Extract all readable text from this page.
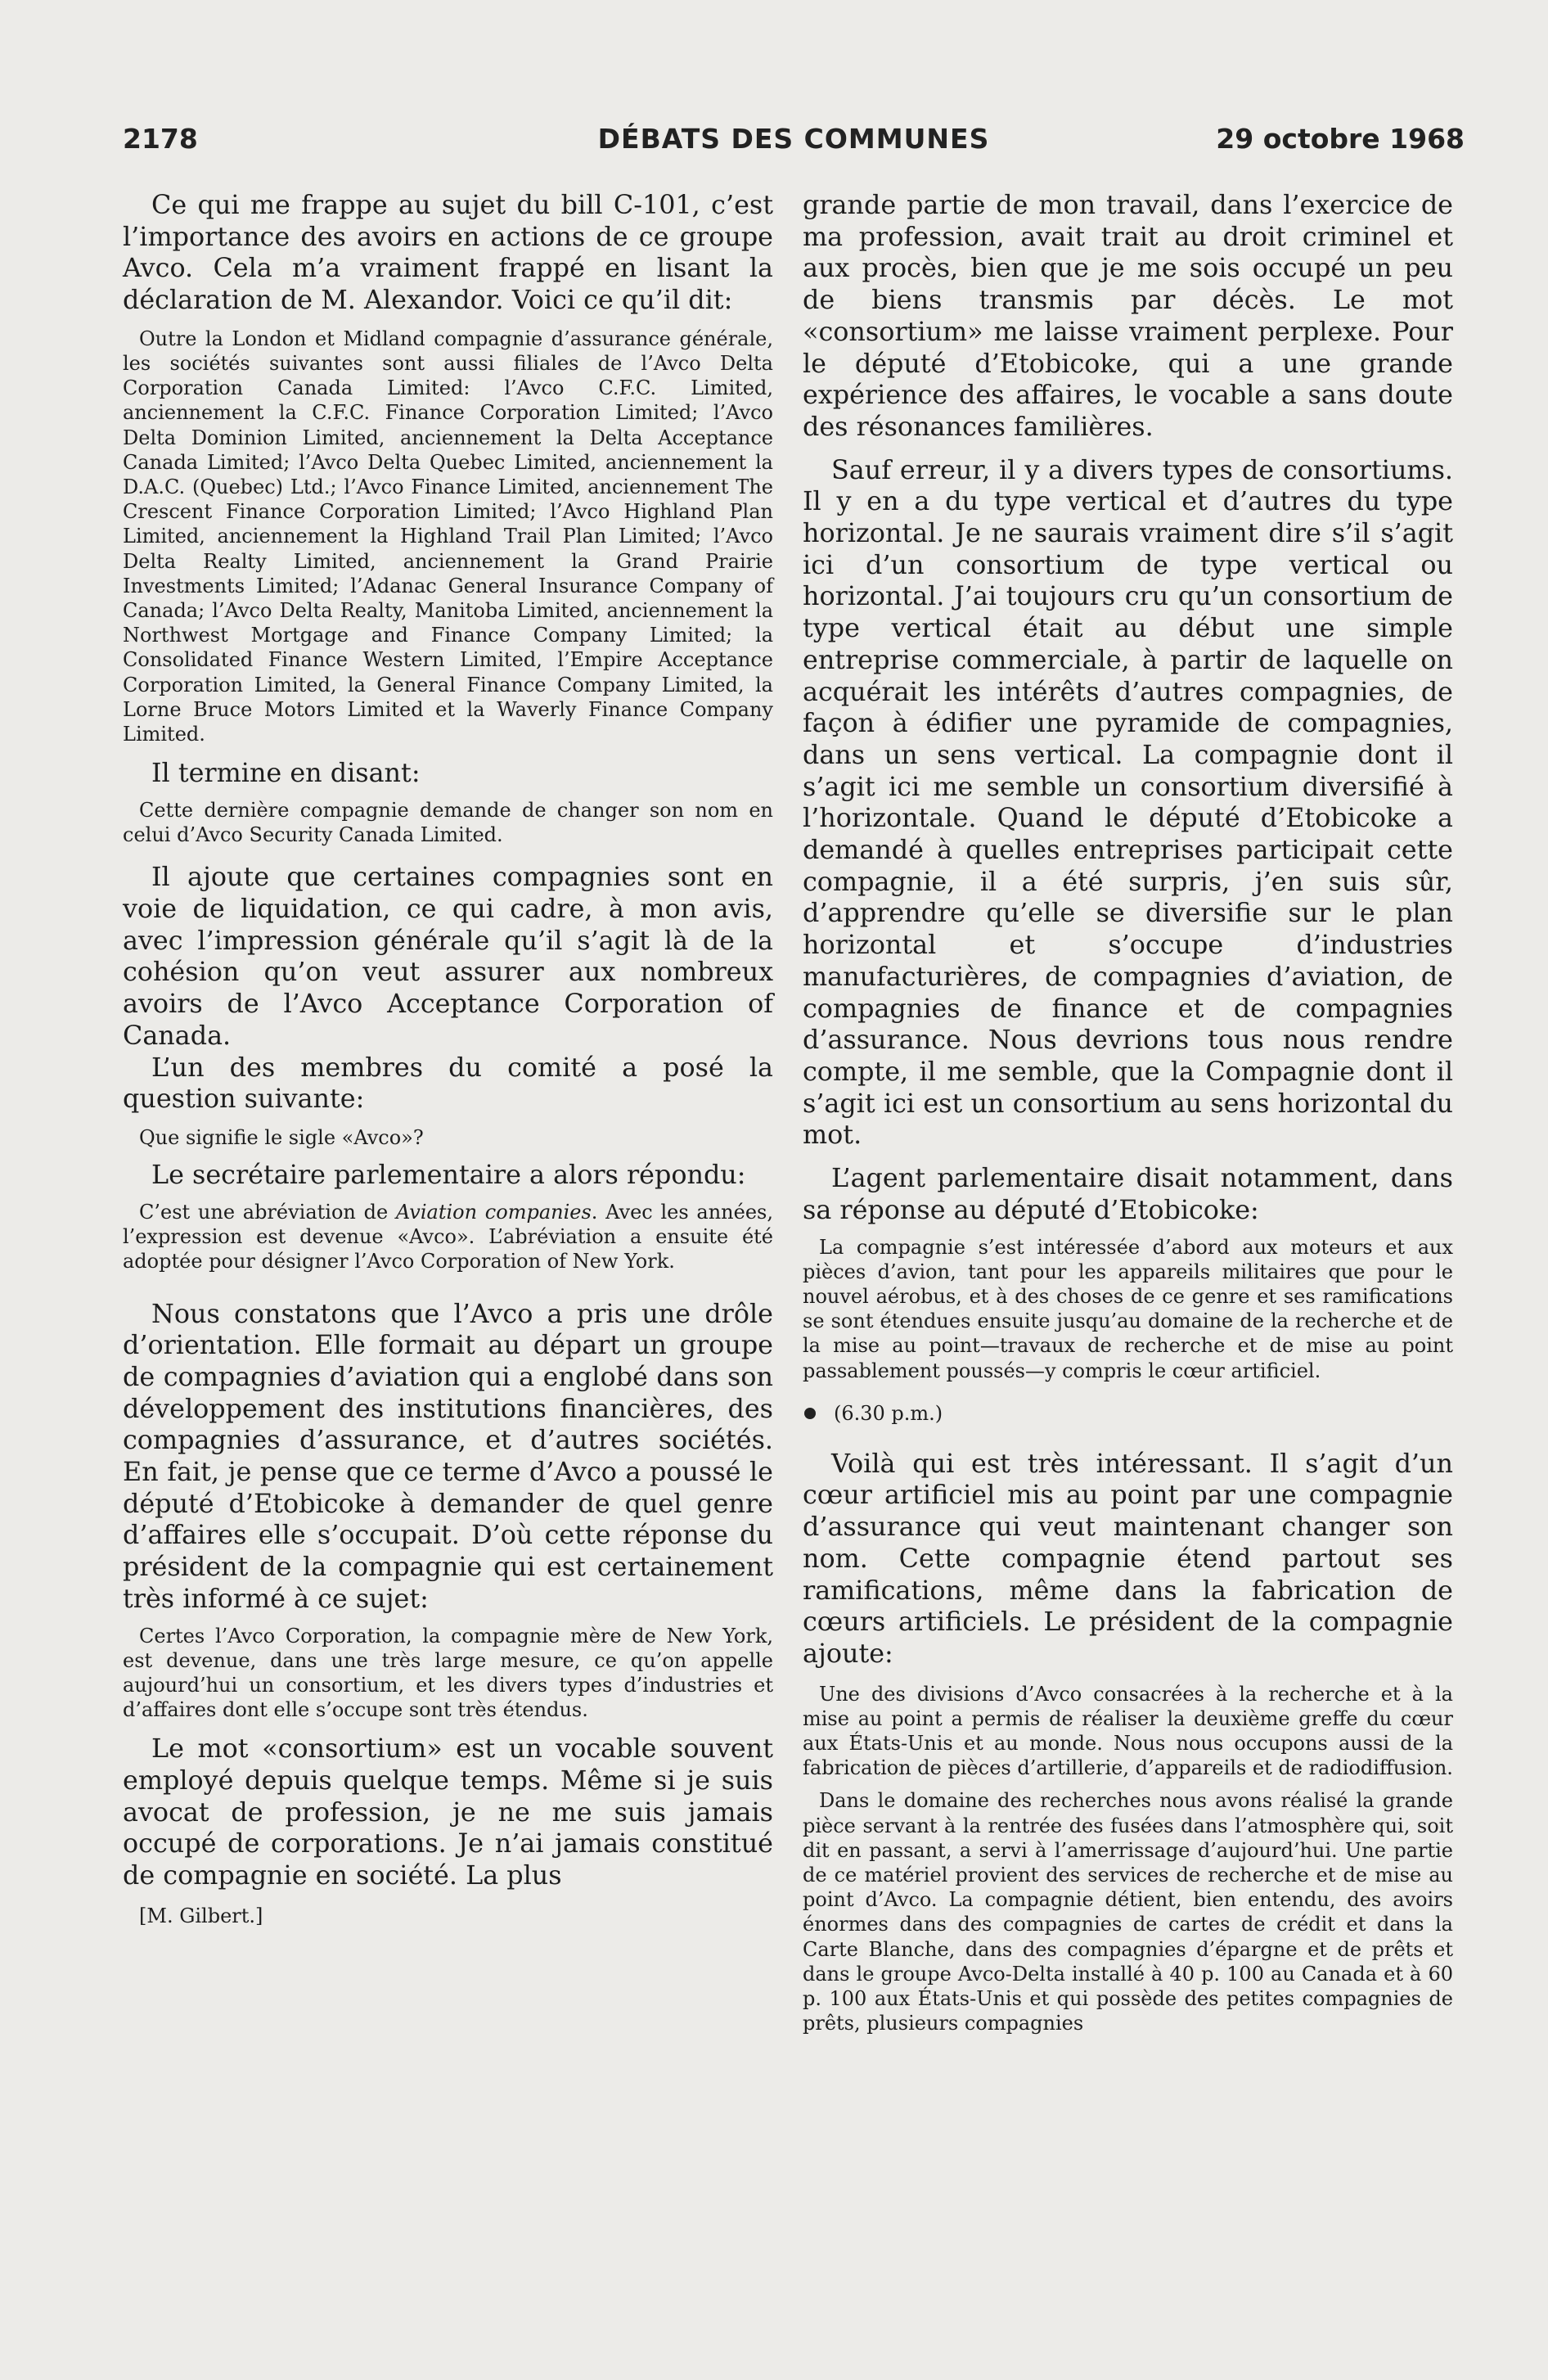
2178	DÉBATS DES COMMUNES	29 octobre 1968

Ce qui me frappe au sujet du bill C-101, c’est l’importance des avoirs en actions de ce groupe Avco. Cela m’a vraiment frappé en lisant la déclaration de M. Alexandor. Voici ce qu’il dit:

Outre la London et Midland compagnie d’assurance générale, les sociétés suivantes sont aussi filiales de l’Avco Delta Corporation Canada Limited: l’Avco C.F.C. Limited, anciennement la C.F.C. Finance Corporation Limited; l’Avco Delta Dominion Limited, anciennement la Delta Acceptance Canada Limited; l’Avco Delta Quebec Limited, anciennement la D.A.C. (Quebec) Ltd.; l’Avco Finance Limited, anciennement The Crescent Finance Corporation Limited; l’Avco Highland Plan Limited, anciennement la Highland Trail Plan Limited; l’Avco Delta Realty Limited, anciennement la Grand Prairie Investments Limited; l’Adanac General Insurance Company of Canada; l’Avco Delta Realty, Manitoba Limited, anciennement la Northwest Mortgage and Finance Company Limited; la Consolidated Finance Western Limited, l’Empire Acceptance Corporation Limited, la General Finance Company Limited, la Lorne Bruce Motors Limited et la Waverly Finance Company Limited.

Il termine en disant:

Cette dernière compagnie demande de changer son nom en celui d’Avco Security Canada Limited.

Il ajoute que certaines compagnies sont en voie de liquidation, ce qui cadre, à mon avis, avec l’impression générale qu’il s’agit là de la cohésion qu’on veut assurer aux nombreux avoirs de l’Avco Acceptance Corporation of Canada.

L’un des membres du comité a posé la question suivante:

Que signifie le sigle «Avco»?

Le secrétaire parlementaire a alors répondu:

C’est une abréviation de Aviation companies. Avec les années, l’expression est devenue «Avco». L’abréviation a ensuite été adoptée pour désigner l’Avco Corporation of New York.

Nous constatons que l’Avco a pris une drôle d’orientation. Elle formait au départ un groupe de compagnies d’aviation qui a englobé dans son développement des institutions financières, des compagnies d’assurance, et d’autres sociétés. En fait, je pense que ce terme d’Avco a poussé le député d’Etobicoke à demander de quel genre d’affaires elle s’occupait. D’où cette réponse du président de la compagnie qui est certainement très informé à ce sujet:

Certes l’Avco Corporation, la compagnie mère de New York, est devenue, dans une très large mesure, ce qu’on appelle aujourd’hui un consortium, et les divers types d’industries et d’affaires dont elle s’occupe sont très étendus.

Le mot «consortium» est un vocable souvent employé depuis quelque temps. Même si je suis avocat de profession, je ne me suis jamais occupé de corporations. Je n’ai jamais constitué de compagnie en société. La plus

[M. Gilbert.]

grande partie de mon travail, dans l’exercice de ma profession, avait trait au droit criminel et aux procès, bien que je me sois occupé un peu de biens transmis par décès. Le mot «consortium» me laisse vraiment perplexe. Pour le député d’Etobicoke, qui a une grande expérience des affaires, le vocable a sans doute des résonances familières.

Sauf erreur, il y a divers types de consortiums. Il y en a du type vertical et d’autres du type horizontal. Je ne saurais vraiment dire s’il s’agit ici d’un consortium de type vertical ou horizontal. J’ai toujours cru qu’un consortium de type vertical était au début une simple entreprise commerciale, à partir de laquelle on acquérait les intérêts d’autres compagnies, de façon à édifier une pyramide de compagnies, dans un sens vertical. La compagnie dont il s’agit ici me semble un consortium diversifié à l’horizontale. Quand le député d’Etobicoke a demandé à quelles entreprises participait cette compagnie, il a été surpris, j’en suis sûr, d’apprendre qu’elle se diversifie sur le plan horizontal et s’occupe d’industries manufacturières, de compagnies d’aviation, de compagnies de finance et de compagnies d’assurance. Nous devrions tous nous rendre compte, il me semble, que la Compagnie dont il s’agit ici est un consortium au sens horizontal du mot.

L’agent parlementaire disait notamment, dans sa réponse au député d’Etobicoke:

La compagnie s’est intéressée d’abord aux moteurs et aux pièces d’avion, tant pour les appareils militaires que pour le nouvel aérobus, et à des choses de ce genre et ses ramifications se sont étendues ensuite jusqu’au domaine de la recherche et de la mise au point—travaux de recherche et de mise au point passablement poussés—y compris le cœur artificiel.

(6.30 p.m.)

Voilà qui est très intéressant. Il s’agit d’un cœur artificiel mis au point par une compagnie d’assurance qui veut maintenant changer son nom. Cette compagnie étend partout ses ramifications, même dans la fabrication de cœurs artificiels. Le président de la compagnie ajoute:

Une des divisions d’Avco consacrées à la recherche et à la mise au point a permis de réaliser la deuxième greffe du cœur aux États-Unis et au monde. Nous nous occupons aussi de la fabrication de pièces d’artillerie, d’appareils et de radiodiffusion.

Dans le domaine des recherches nous avons réalisé la grande pièce servant à la rentrée des fusées dans l’atmosphère qui, soit dit en passant, a servi à l’amerrissage d’aujourd’hui. Une partie de ce matériel provient des services de recherche et de mise au point d’Avco. La compagnie détient, bien entendu, des avoirs énormes dans des compagnies de cartes de crédit et dans la Carte Blanche, dans des compagnies d’épargne et de prêts et dans le groupe Avco-Delta installé à 40 p. 100 au Canada et à 60 p. 100 aux États-Unis et qui possède des petites compagnies de prêts, plusieurs compagnies
